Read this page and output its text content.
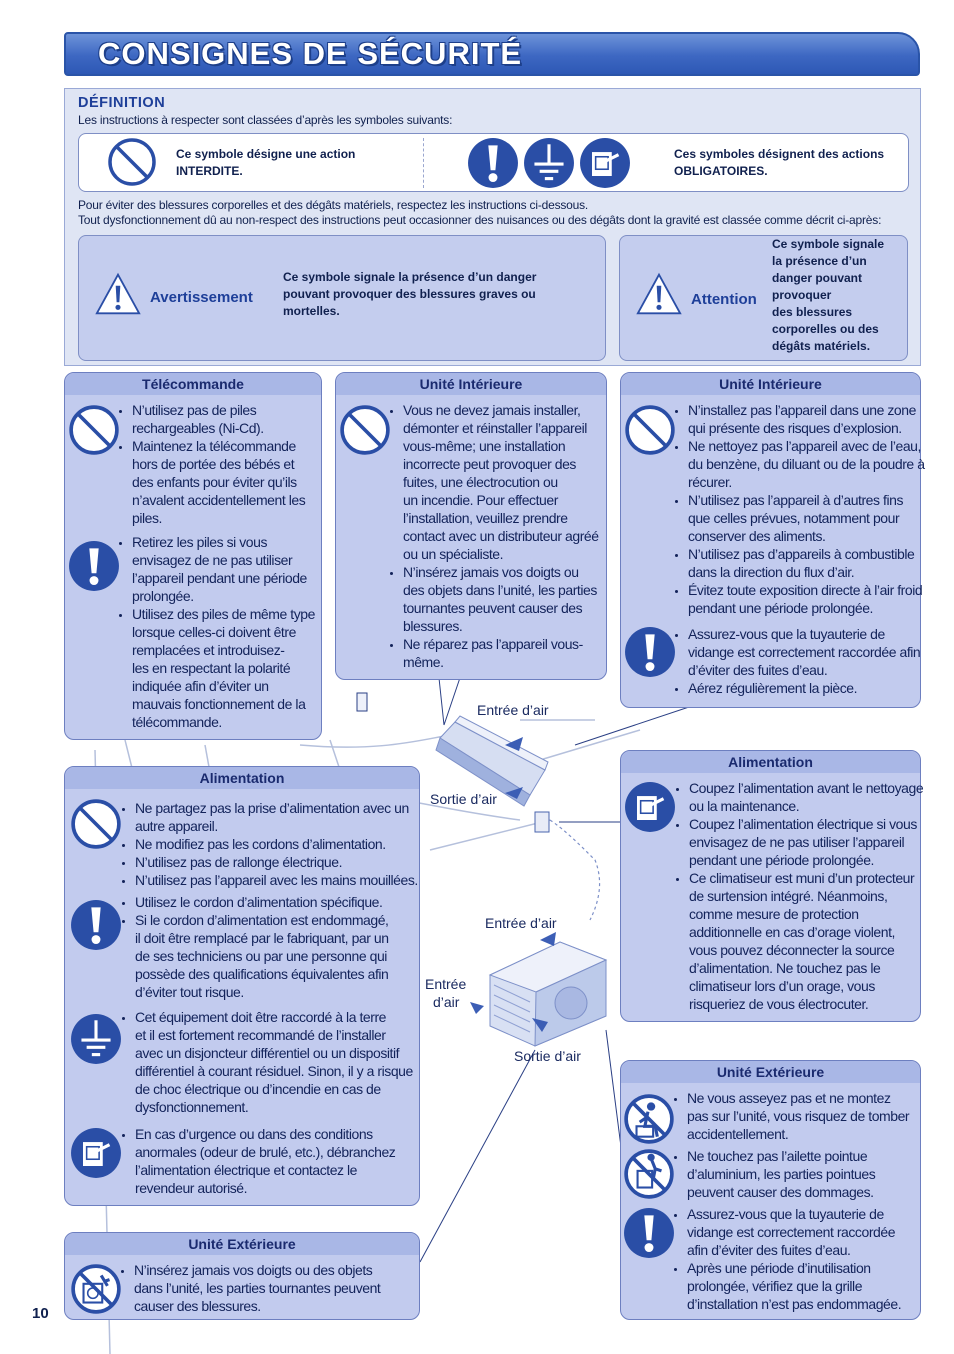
CONSIGNES DE SÉCURITÉ
DÉFINITION
Les instructions à respecter sont classées d’après les symboles suivants:
Ce symbole désigne une action
INTERDITE.
Ces symboles désignent des actions
OBLIGATOIRES.
Pour éviter des blessures corporelles et des dégâts matériels, respectez les instructions ci-dessous.
Tout dysfonctionnement dû au non-respect des instructions peut occasionner des nuisances ou des dégâts dont la gravité est classée comme décrit ci-après:
Avertissement
Ce symbole signale la présence d’un danger
pouvant provoquer des blessures graves ou
mortelles.
Attention
Ce symbole signale
la présence d’un
danger pouvant
provoquer
des blessures
corporelles ou des
dégâts matériels.
Télécommande
• N’utilisez pas de piles
rechargeables (Ni-Cd).
• Maintenez la télécommande
hors de portée des bébés et
des enfants pour éviter qu’ils
n’avalent accidentellement les
piles.
• Retirez les piles si vous
envisagez de ne pas utiliser
l’appareil pendant une période
prolongée.
• Utilisez des piles de même type
lorsque celles-ci doivent être
remplacées et introduisez-
les en respectant la polarité
indiquée afin d’éviter un
mauvais fonctionnement de la
télécommande.
Unité Intérieure
• Vous ne devez jamais installer,
démonter et réinstaller l’appareil
vous-même; une installation
incorrecte peut provoquer des
fuites, une électrocution ou
un incendie. Pour effectuer
l’installation, veuillez prendre
contact avec un distributeur agréé
ou un spécialiste.
• N’insérez jamais vos doigts ou
des objets dans l’unité, les parties
tournantes peuvent causer des
blessures.
• Ne réparez pas l’appareil vous-
même.
Unité Intérieure
• N’installez pas l’appareil dans une zone
qui présente des risques d’explosion.
• Ne nettoyez pas l’appareil avec de l’eau,
du benzène, du diluant ou de la poudre à
récurer.
• N’utilisez pas l’appareil à d’autres fins
que celles prévues, notamment pour
conserver des aliments.
• N’utilisez pas d’appareils à combustible
dans la direction du flux d’air.
• Évitez toute exposition directe à l’air froid
pendant une période prolongée.
• Assurez-vous que la tuyauterie de
vidange est correctement raccordée afin
d’éviter des fuites d’eau.
• Aérez régulièrement la pièce.
Alimentation
• Ne partagez pas la prise d’alimentation avec un
autre appareil.
• Ne modifiez pas les cordons d’alimentation.
• N’utilisez pas de rallonge électrique.
• N’utilisez pas l’appareil avec les mains mouillées.
• Utilisez le cordon d’alimentation spécifique.
• Si le cordon d’alimentation est endommagé,
il doit être remplacé par le fabriquant, par un
de ses techniciens ou par une personne qui
possède des qualifications équivalentes afin
d’éviter tout risque.
• Cet équipement doit être raccordé à la terre
et il est fortement recommandé de l’installer
avec un disjoncteur différentiel ou un dispositif
différentiel à courant résiduel. Sinon, il y a risque
de choc électrique ou d’incendie en cas de
dysfonctionnement.
• En cas d’urgence ou dans des conditions
anormales (odeur de brulé, etc.), débranchez
l’alimentation électrique et contactez le
revendeur autorisé.
Alimentation
• Coupez l’alimentation avant le nettoyage
ou la maintenance.
• Coupez l’alimentation électrique si vous
envisagez de ne pas utiliser l’appareil
pendant une période prolongée.
• Ce climatiseur est muni d’un protecteur
de surtension intégré. Néanmoins,
comme mesure de protection
additionnelle en cas d’orage violent,
vous pouvez déconnecter la source
d’alimentation. Ne touchez pas le
climatiseur lors d’un orage, vous
risqueriez de vous électrocuter.
Unité Extérieure
• N’insérez jamais vos doigts ou des objets
dans l’unité, les parties tournantes peuvent
causer des blessures.
Unité Extérieure
• Ne vous asseyez pas et ne montez
pas sur l’unité, vous risquez de tomber
accidentellement.
• Ne touchez pas l’ailette pointue
d’aluminium, les parties pointues
peuvent causer des dommages.
• Assurez-vous que la tuyauterie de
vidange est correctement raccordée
afin d’éviter des fuites d’eau.
• Après une période d’inutilisation
prolongée, vérifiez que la grille
d’installation n’est pas endommagée.
Entrée d’air
Sortie d’air
Entrée d’air
Entrée
d’air
Sortie d’air
10
